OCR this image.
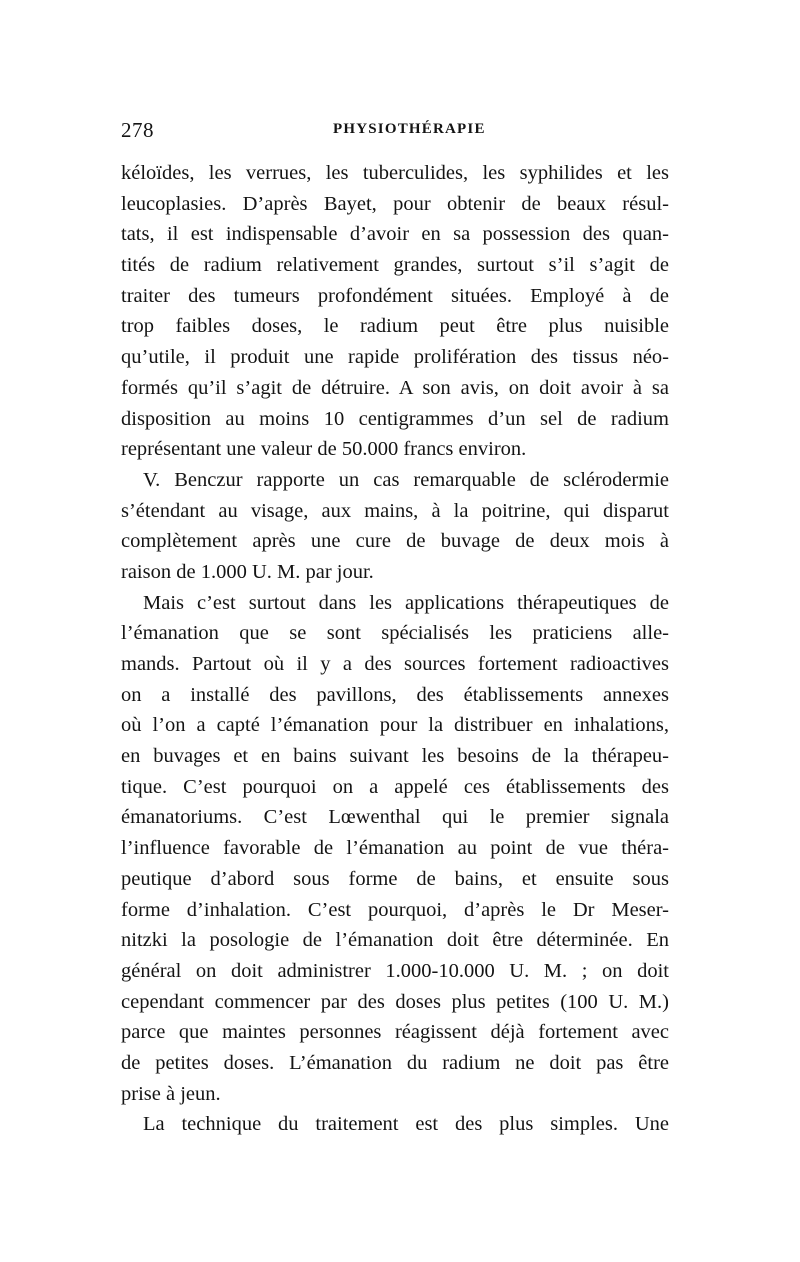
278	PHYSIOTHÉRAPIE
kéloïdes, les verrues, les tuberculides, les syphilides et les
leucoplasies. D’après Bayet, pour obtenir de beaux résul-
tats, il est indispensable d’avoir en sa possession des quan-
tités de radium relativement grandes, surtout s’il s’agit de
traiter des tumeurs profondément situées. Employé à de
trop faibles doses, le radium peut être plus nuisible
qu’utile, il produit une rapide prolifération des tissus néo-
formés qu’il s’agit de détruire. A son avis, on doit avoir à sa
disposition au moins 10 centigrammes d’un sel de radium
représentant une valeur de 50.000 francs environ.
V. Benczur rapporte un cas remarquable de sclérodermie
s’étendant au visage, aux mains, à la poitrine, qui disparut
complètement après une cure de buvage de deux mois à
raison de 1.000 U. M. par jour.
Mais c’est surtout dans les applications thérapeutiques de
l’émanation que se sont spécialisés les praticiens alle-
mands. Partout où il y a des sources fortement radioactives
on a installé des pavillons, des établissements annexes
où l’on a capté l’émanation pour la distribuer en inhalations,
en buvages et en bains suivant les besoins de la thérapeu-
tique. C’est pourquoi on a appelé ces établissements des
émanatoriums. C’est Lœwenthal qui le premier signala
l’influence favorable de l’émanation au point de vue théra-
peutique d’abord sous forme de bains, et ensuite sous
forme d’inhalation. C’est pourquoi, d’après le Dr Meser-
nitzki la posologie de l’émanation doit être déterminée. En
général on doit administrer 1.000-10.000 U. M. ; on doit
cependant commencer par des doses plus petites (100 U. M.)
parce que maintes personnes réagissent déjà fortement avec
de petites doses. L’émanation du radium ne doit pas être
prise à jeun.
La technique du traitement est des plus simples. Une
